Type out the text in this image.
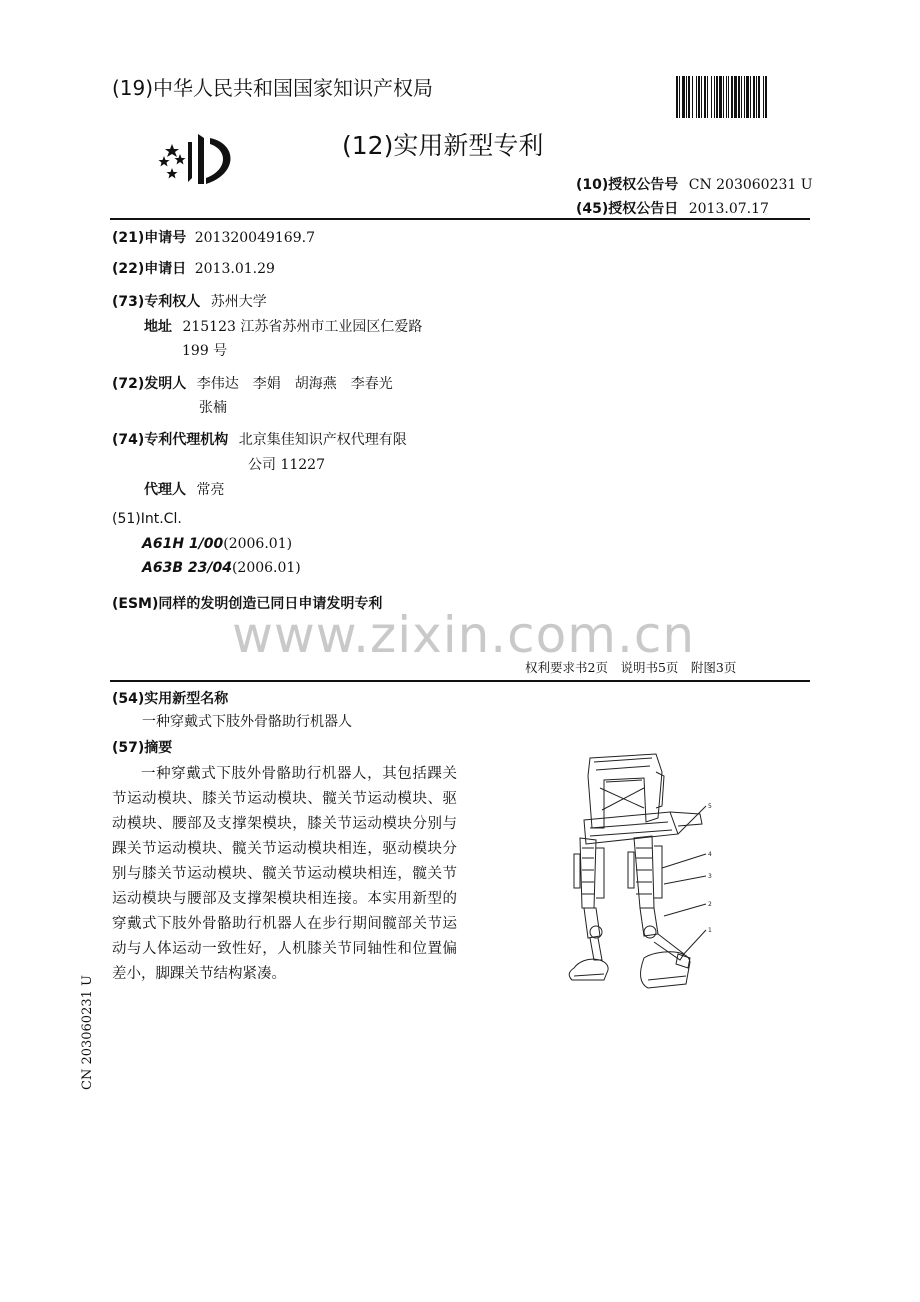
(19)中华人民共和国国家知识产权局
(12)实用新型专利
(10)授权公告号 CN 203060231 U
(45)授权公告日 2013.07.17
(21)申请号 201320049169.7
(22)申请日 2013.01.29
(73)专利权人 苏州大学
地址 215123 江苏省苏州市工业园区仁爱路
199 号
(72)发明人 李伟达　李娟　胡海燕　李春光
张楠
(74)专利代理机构 北京集佳知识产权代理有限
公司 11227
代理人 常亮
(51)Int.Cl.
A61H 1/00(2006.01)
A63B 23/04(2006.01)
(ESM)同样的发明创造已同日申请发明专利
www.zixin.com.cn
权利要求书2页　说明书5页　附图3页
(54)实用新型名称
一种穿戴式下肢外骨骼助行机器人
(57)摘要

一种穿戴式下肢外骨骼助行机器人，其包括踝关节运动模块、膝关节运动模块、髋关节运动模块、驱动模块、腰部及支撑架模块，膝关节运动模块分别与踝关节运动模块、髋关节运动模块相连，驱动模块分别与膝关节运动模块、髋关节运动模块相连，髋关节运动模块与腰部及支撑架模块相连接。本实用新型的穿戴式下肢外骨骼助行机器人在步行期间髋部关节运动与人体运动一致性好，人机膝关节同轴性和位置偏差小，脚踝关节结构紧凑。

5
4
3
2
1
CN 203060231 U
